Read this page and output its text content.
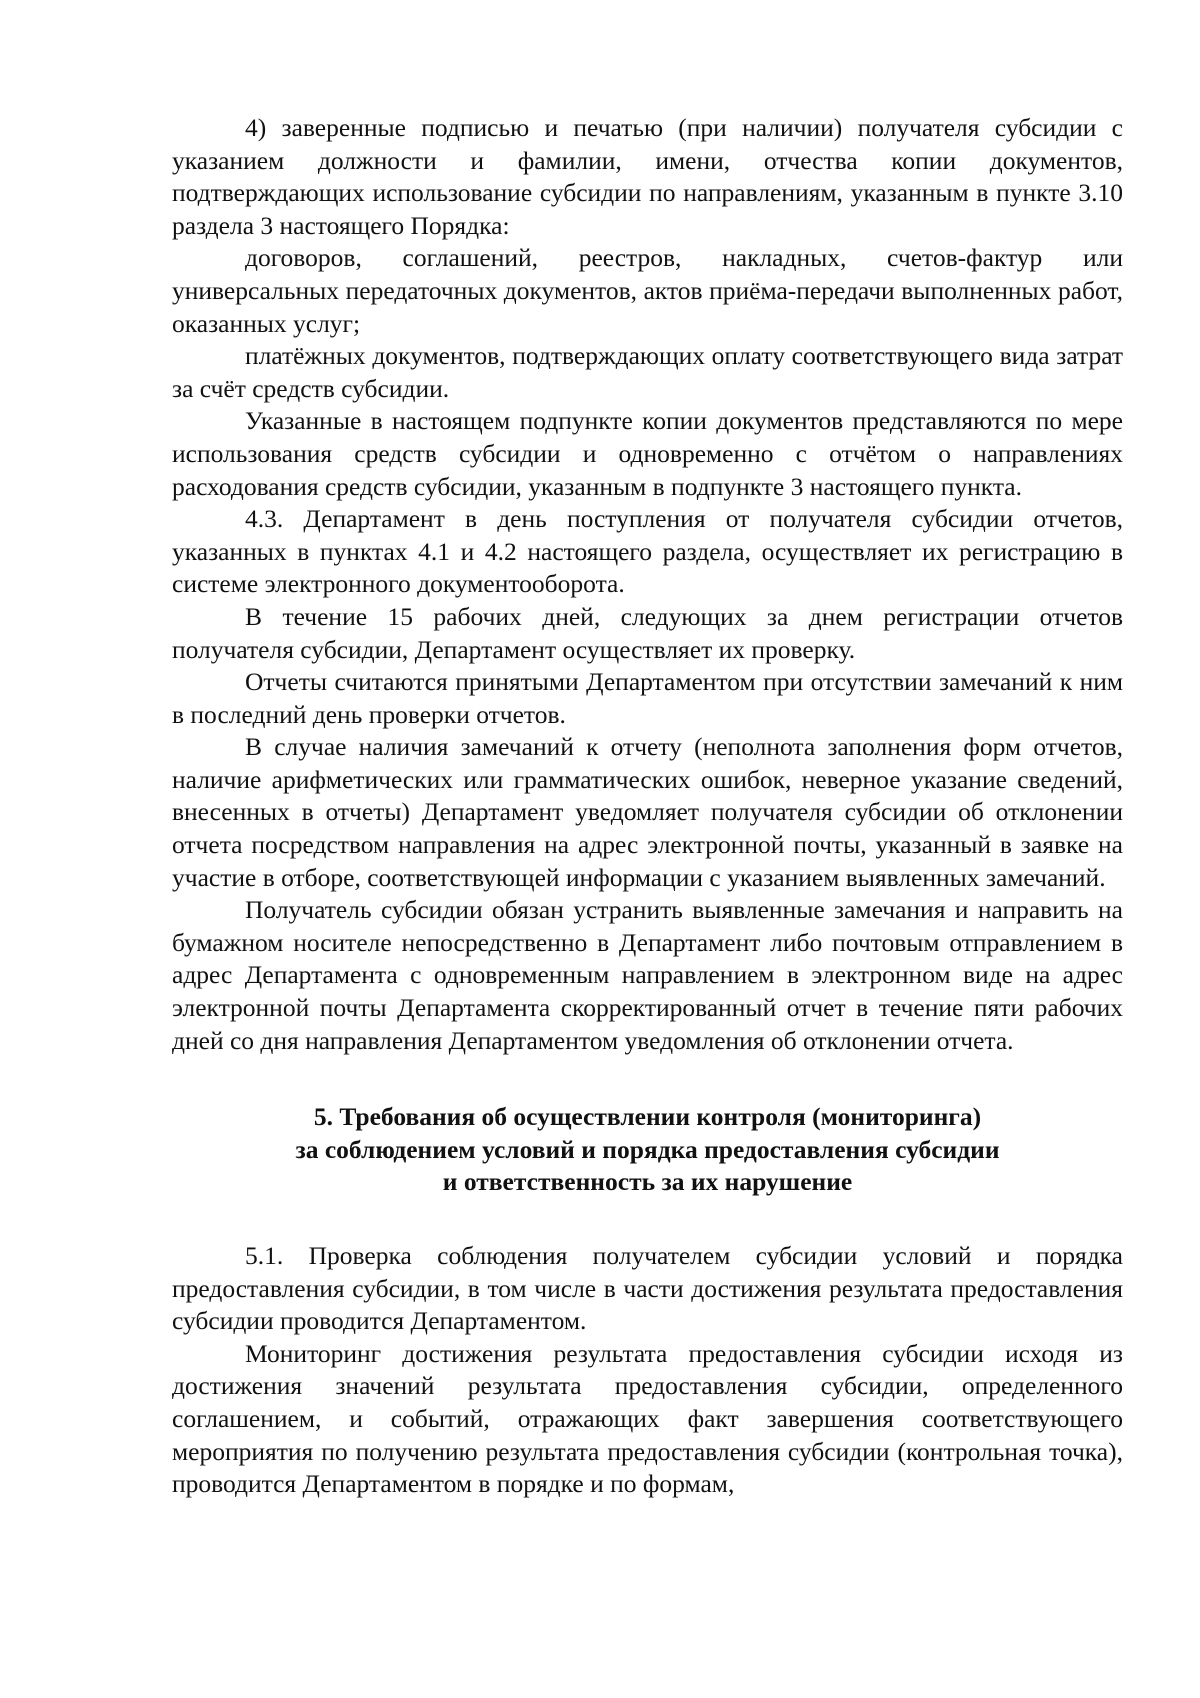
4) заверенные подписью и печатью (при наличии) получателя субсидии с указанием должности и фамилии, имени, отчества копии документов, подтверждающих использование субсидии по направлениям, указанным в пункте 3.10 раздела 3 настоящего Порядка:

договоров, соглашений, реестров, накладных, счетов-фактур или универсальных передаточных документов, актов приёма-передачи выполненных работ, оказанных услуг;

платёжных документов, подтверждающих оплату соответствующего вида затрат за счёт средств субсидии.

Указанные в настоящем подпункте копии документов представляются по мере использования средств субсидии и одновременно с отчётом о направлениях расходования средств субсидии, указанным в подпункте 3 настоящего пункта.

4.3. Департамент в день поступления от получателя субсидии отчетов, указанных в пунктах 4.1 и 4.2 настоящего раздела, осуществляет их регистрацию в системе электронного документооборота.

В течение 15 рабочих дней, следующих за днем регистрации отчетов получателя субсидии, Департамент осуществляет их проверку.

Отчеты считаются принятыми Департаментом при отсутствии замечаний к ним в последний день проверки отчетов.

В случае наличия замечаний к отчету (неполнота заполнения форм отчетов, наличие арифметических или грамматических ошибок, неверное указание сведений, внесенных в отчеты) Департамент уведомляет получателя субсидии об отклонении отчета посредством направления на адрес электронной почты, указанный в заявке на участие в отборе, соответствующей информации с указанием выявленных замечаний.

Получатель субсидии обязан устранить выявленные замечания и направить на бумажном носителе непосредственно в Департамент либо почтовым отправлением в адрес Департамента с одновременным направлением в электронном виде на адрес электронной почты Департамента скорректированный отчет в течение пяти рабочих дней со дня направления Департаментом уведомления об отклонении отчета.

5. Требования об осуществлении контроля (мониторинга)
за соблюдением условий и порядка предоставления субсидии
и ответственность за их нарушение

5.1. Проверка соблюдения получателем субсидии условий и порядка предоставления субсидии, в том числе в части достижения результата предоставления субсидии проводится Департаментом.

Мониторинг достижения результата предоставления субсидии исходя из достижения значений результата предоставления субсидии, определенного соглашением, и событий, отражающих факт завершения соответствующего мероприятия по получению результата предоставления субсидии (контрольная точка), проводится Департаментом в порядке и по формам,
